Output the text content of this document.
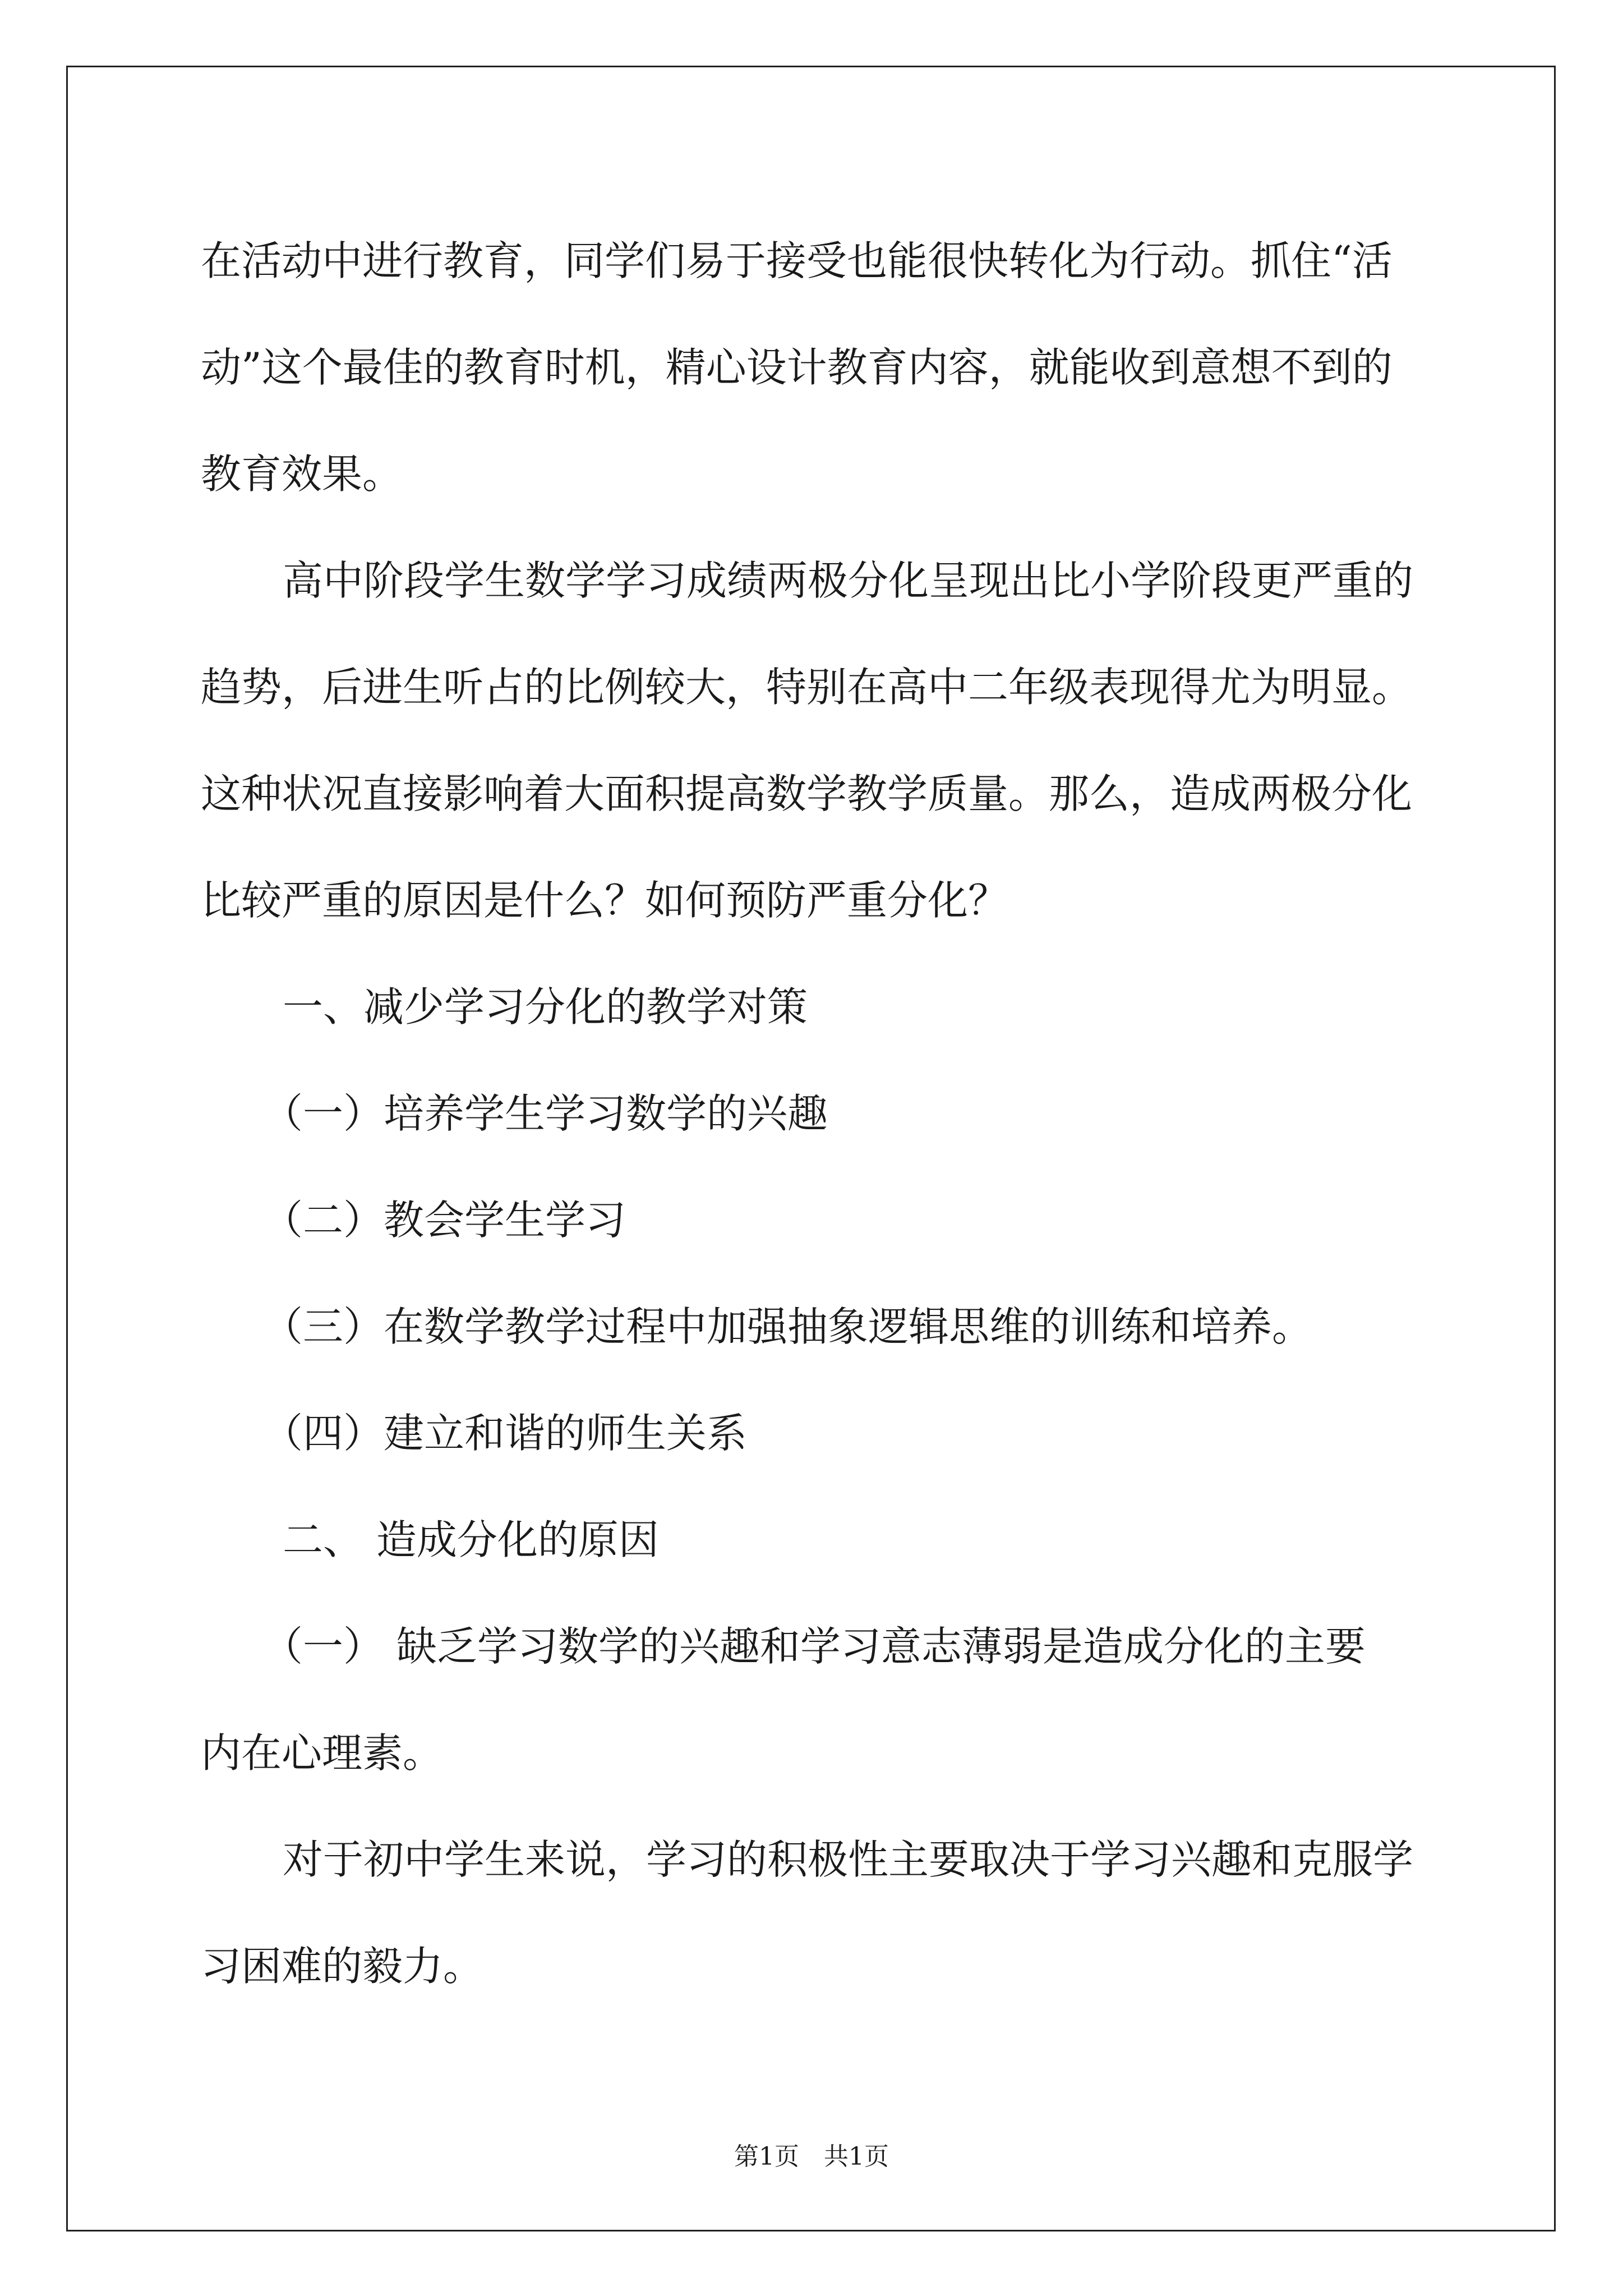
在活动中进行教育，同学们易于接受也能很快转化为行动。抓住“活

动”这个最佳的教育时机，精心设计教育内容，就能收到意想不到的

教育效果。

高中阶段学生数学学习成绩两极分化呈现出比小学阶段更严重的

趋势，后进生听占的比例较大，特别在高中二年级表现得尤为明显。

这种状况直接影响着大面积提高数学教学质量。那么，造成两极分化

比较严重的原因是什么？如何预防严重分化？

一、减少学习分化的教学对策

（一）培养学生学习数学的兴趣

（二）教会学生学习

（三）在数学教学过程中加强抽象逻辑思维的训练和培养。

（四）建立和谐的师生关系

二、 造成分化的原因

（一） 缺乏学习数学的兴趣和学习意志薄弱是造成分化的主要

内在心理素。

对于初中学生来说，学习的积极性主要取决于学习兴趣和克服学

习困难的毅力。

第1页　共1页
